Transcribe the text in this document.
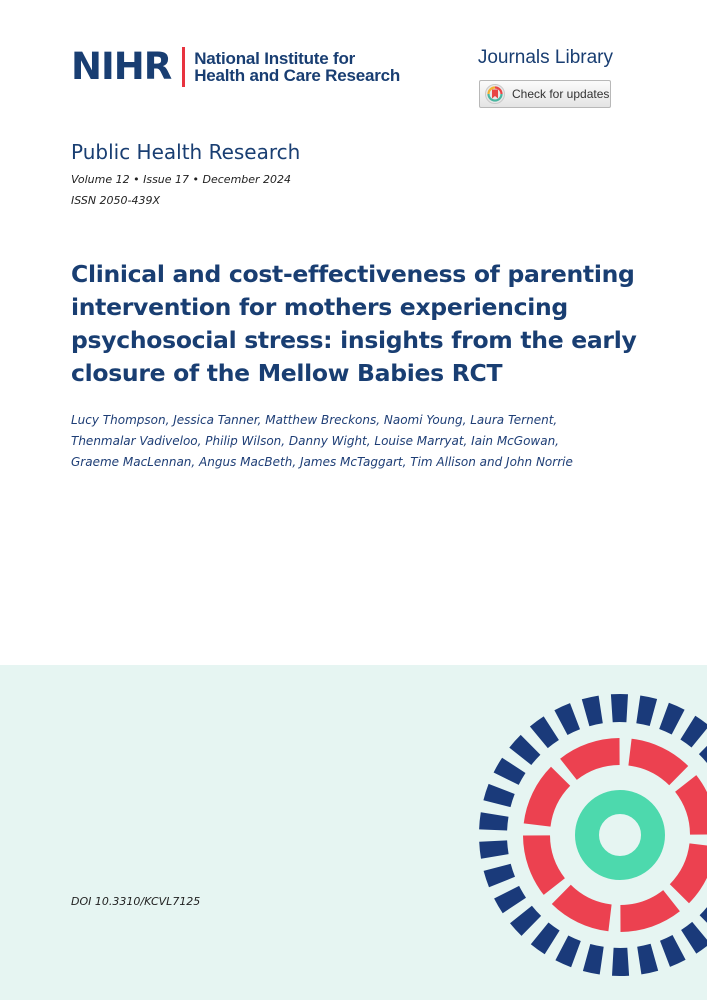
NIHR National Institute for
Health and Care Research
Journals Library
Check for updates
Public Health Research
Volume 12 • Issue 17 • December 2024
ISSN 2050-439X
Clinical and cost-effectiveness of parenting intervention for mothers experiencing psychosocial stress: insights from the early closure of the Mellow Babies RCT
Lucy Thompson, Jessica Tanner, Matthew Breckons, Naomi Young, Laura Ternent,
Thenmalar Vadiveloo, Philip Wilson, Danny Wight, Louise Marryat, Iain McGowan,
Graeme MacLennan, Angus MacBeth, James McTaggart, Tim Allison and John Norrie
DOI 10.3310/KCVL7125
